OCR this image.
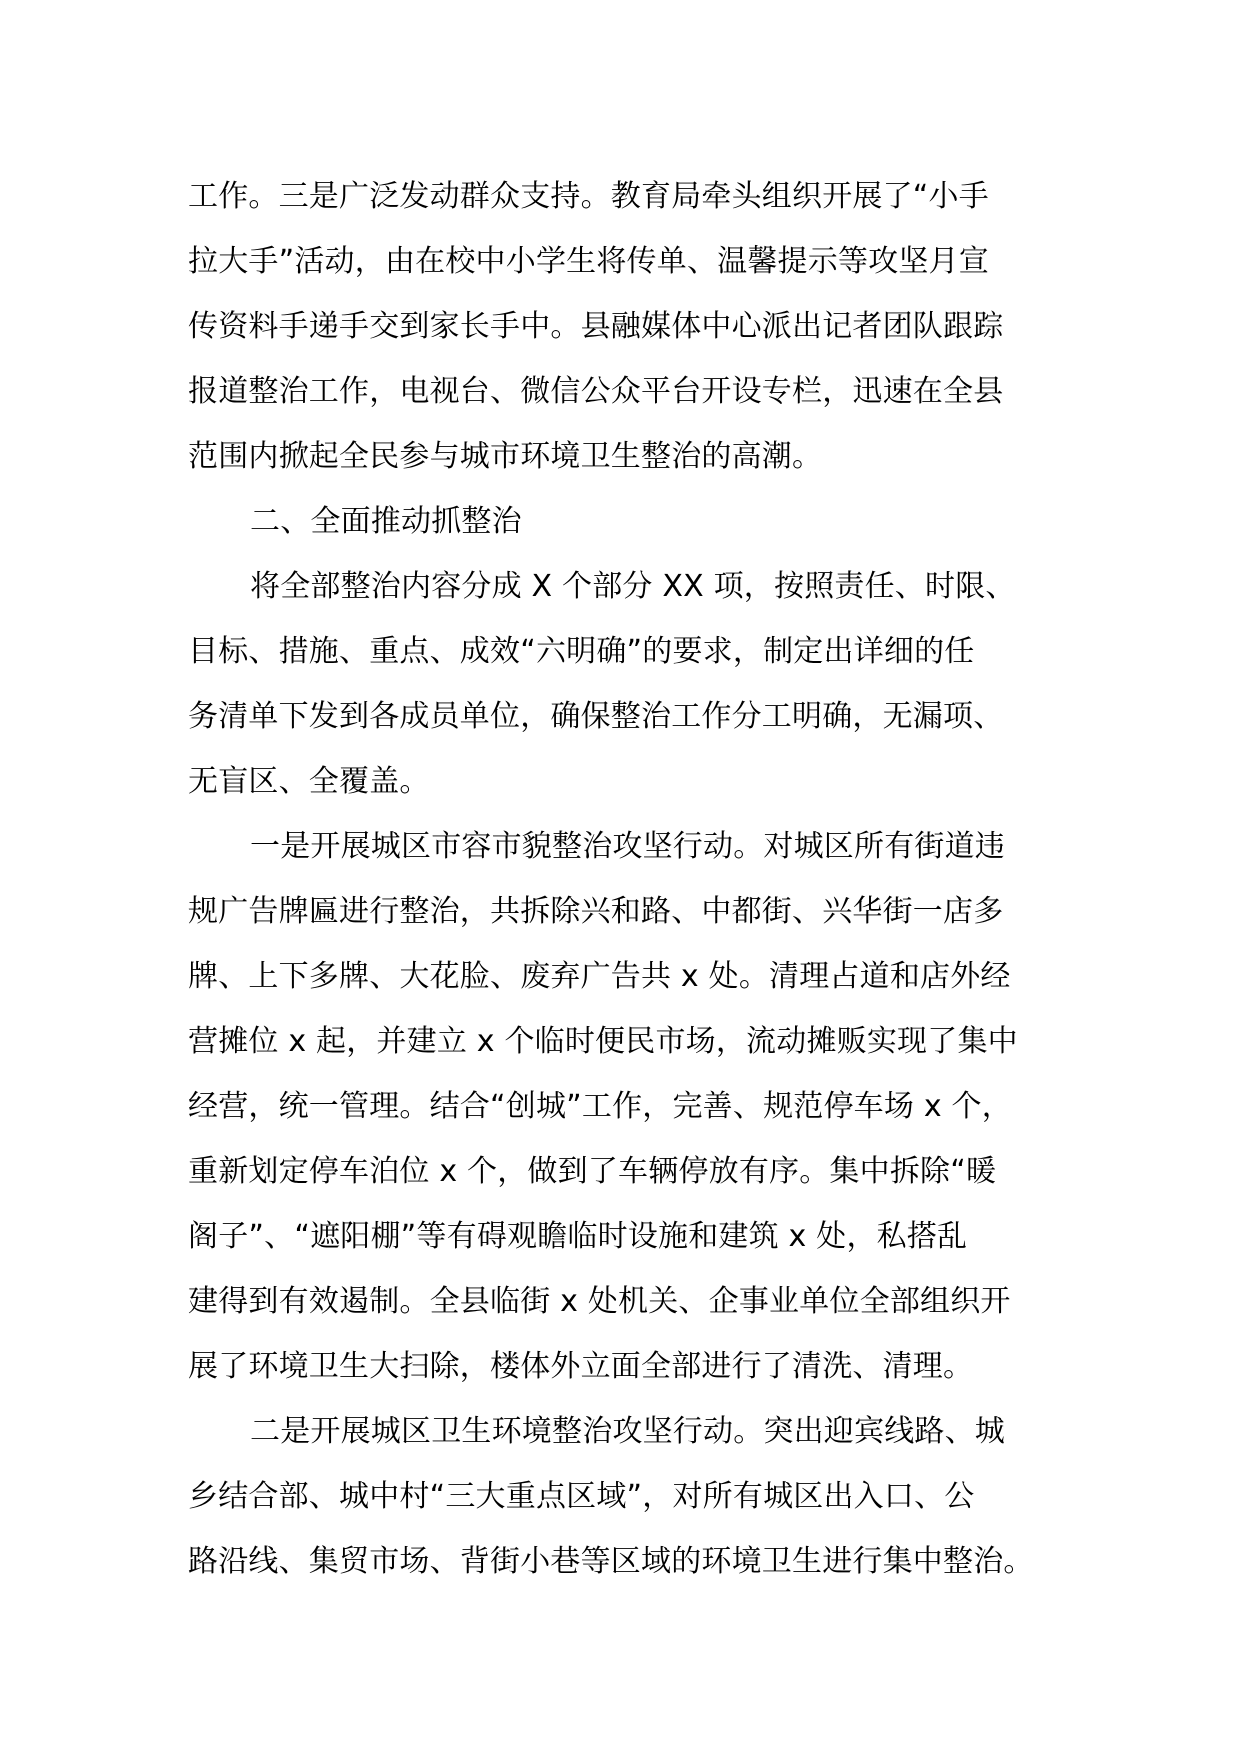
工作。三是广泛发动群众支持。教育局牵头组织开展了“小手
拉大手”活动，由在校中小学生将传单、温馨提示等攻坚月宣
传资料手递手交到家长手中。县融媒体中心派出记者团队跟踪
报道整治工作，电视台、微信公众平台开设专栏，迅速在全县
范围内掀起全民参与城市环境卫生整治的高潮。
二、全面推动抓整治
将全部整治内容分成 X 个部分 XX 项，按照责任、时限、
目标、措施、重点、成效“六明确”的要求，制定出详细的任
务清单下发到各成员单位，确保整治工作分工明确，无漏项、
无盲区、全覆盖。
一是开展城区市容市貌整治攻坚行动。对城区所有街道违
规广告牌匾进行整治，共拆除兴和路、中都街、兴华街一店多
牌、上下多牌、大花脸、废弃广告共 x 处。清理占道和店外经
营摊位 x 起，并建立 x 个临时便民市场，流动摊贩实现了集中
经营，统一管理。结合“创城”工作，完善、规范停车场 x 个，
重新划定停车泊位 x 个，做到了车辆停放有序。集中拆除“暖
阁子”、“遮阳棚”等有碍观瞻临时设施和建筑 x 处，私搭乱
建得到有效遏制。全县临街 x 处机关、企事业单位全部组织开
展了环境卫生大扫除，楼体外立面全部进行了清洗、清理。
二是开展城区卫生环境整治攻坚行动。突出迎宾线路、城
乡结合部、城中村“三大重点区域”，对所有城区出入口、公
路沿线、集贸市场、背街小巷等区域的环境卫生进行集中整治。
